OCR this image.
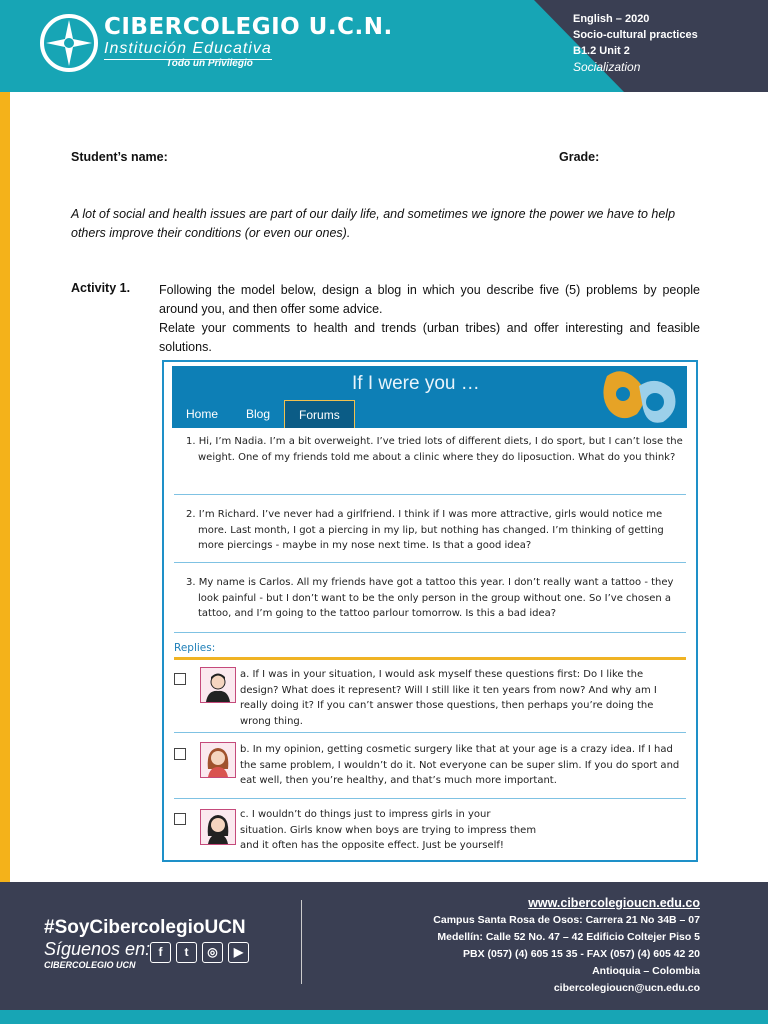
CIBERCOLEGIO U.C.N.
Institución Educativa
Todo un Privilegio
English – 2020
Socio-cultural practices
B1.2 Unit 2
Socialization
Student’s name:	Grade:
A lot of social and health issues are part of our daily life, and sometimes we ignore the power we have to help others improve their conditions (or even our ones).
Activity 1. Following the model below, design a blog in which you describe five (5) problems by people around you, and then offer some advice.

Relate your comments to health and trends (urban tribes) and offer interesting and feasible solutions.

If I were you …
Home	Blog	Forums
1. Hi, I’m Nadia. I’m a bit overweight. I’ve tried lots of different diets, I do sport, but I can’t lose the weight. One of my friends told me about a clinic where they do liposuction. What do you think?
2. I’m Richard. I’ve never had a girlfriend. I think if I was more attractive, girls would notice me more. Last month, I got a piercing in my lip, but nothing has changed. I’m thinking of getting more piercings - maybe in my nose next time. Is that a good idea?
3. My name is Carlos. All my friends have got a tattoo this year. I don’t really want a tattoo - they look painful - but I don’t want to be the only person in the group without one. So I’ve chosen a tattoo, and I’m going to the tattoo parlour tomorrow. Is this a bad idea?
Replies:
a. If I was in your situation, I would ask myself these questions first: Do I like the design? What does it represent? Will I still like it ten years from now? And why am I really doing it? If you can’t answer those questions, then perhaps you’re doing the wrong thing.
b. In my opinion, getting cosmetic surgery like that at your age is a crazy idea. If I had the same problem, I wouldn’t do it. Not everyone can be super slim. If you do sport and eat well, then you’re healthy, and that’s much more important.
c. I wouldn’t do things just to impress girls in your situation. Girls know when boys are trying to impress them and it often has the opposite effect. Just be yourself!
#SoyCibercolegioUCN
Síguenos en:
CIBERCOLEGIO UCN
f	t	◎	▶
www.cibercolegioucn.edu.co
Campus Santa Rosa de Osos: Carrera 21 No 34B – 07
Medellín: Calle 52 No. 47 – 42 Edificio Coltejer Piso 5
PBX (057) (4) 605 15 35 - FAX (057) (4) 605 42 20
Antioquia – Colombia
cibercolegioucn@ucn.edu.co
